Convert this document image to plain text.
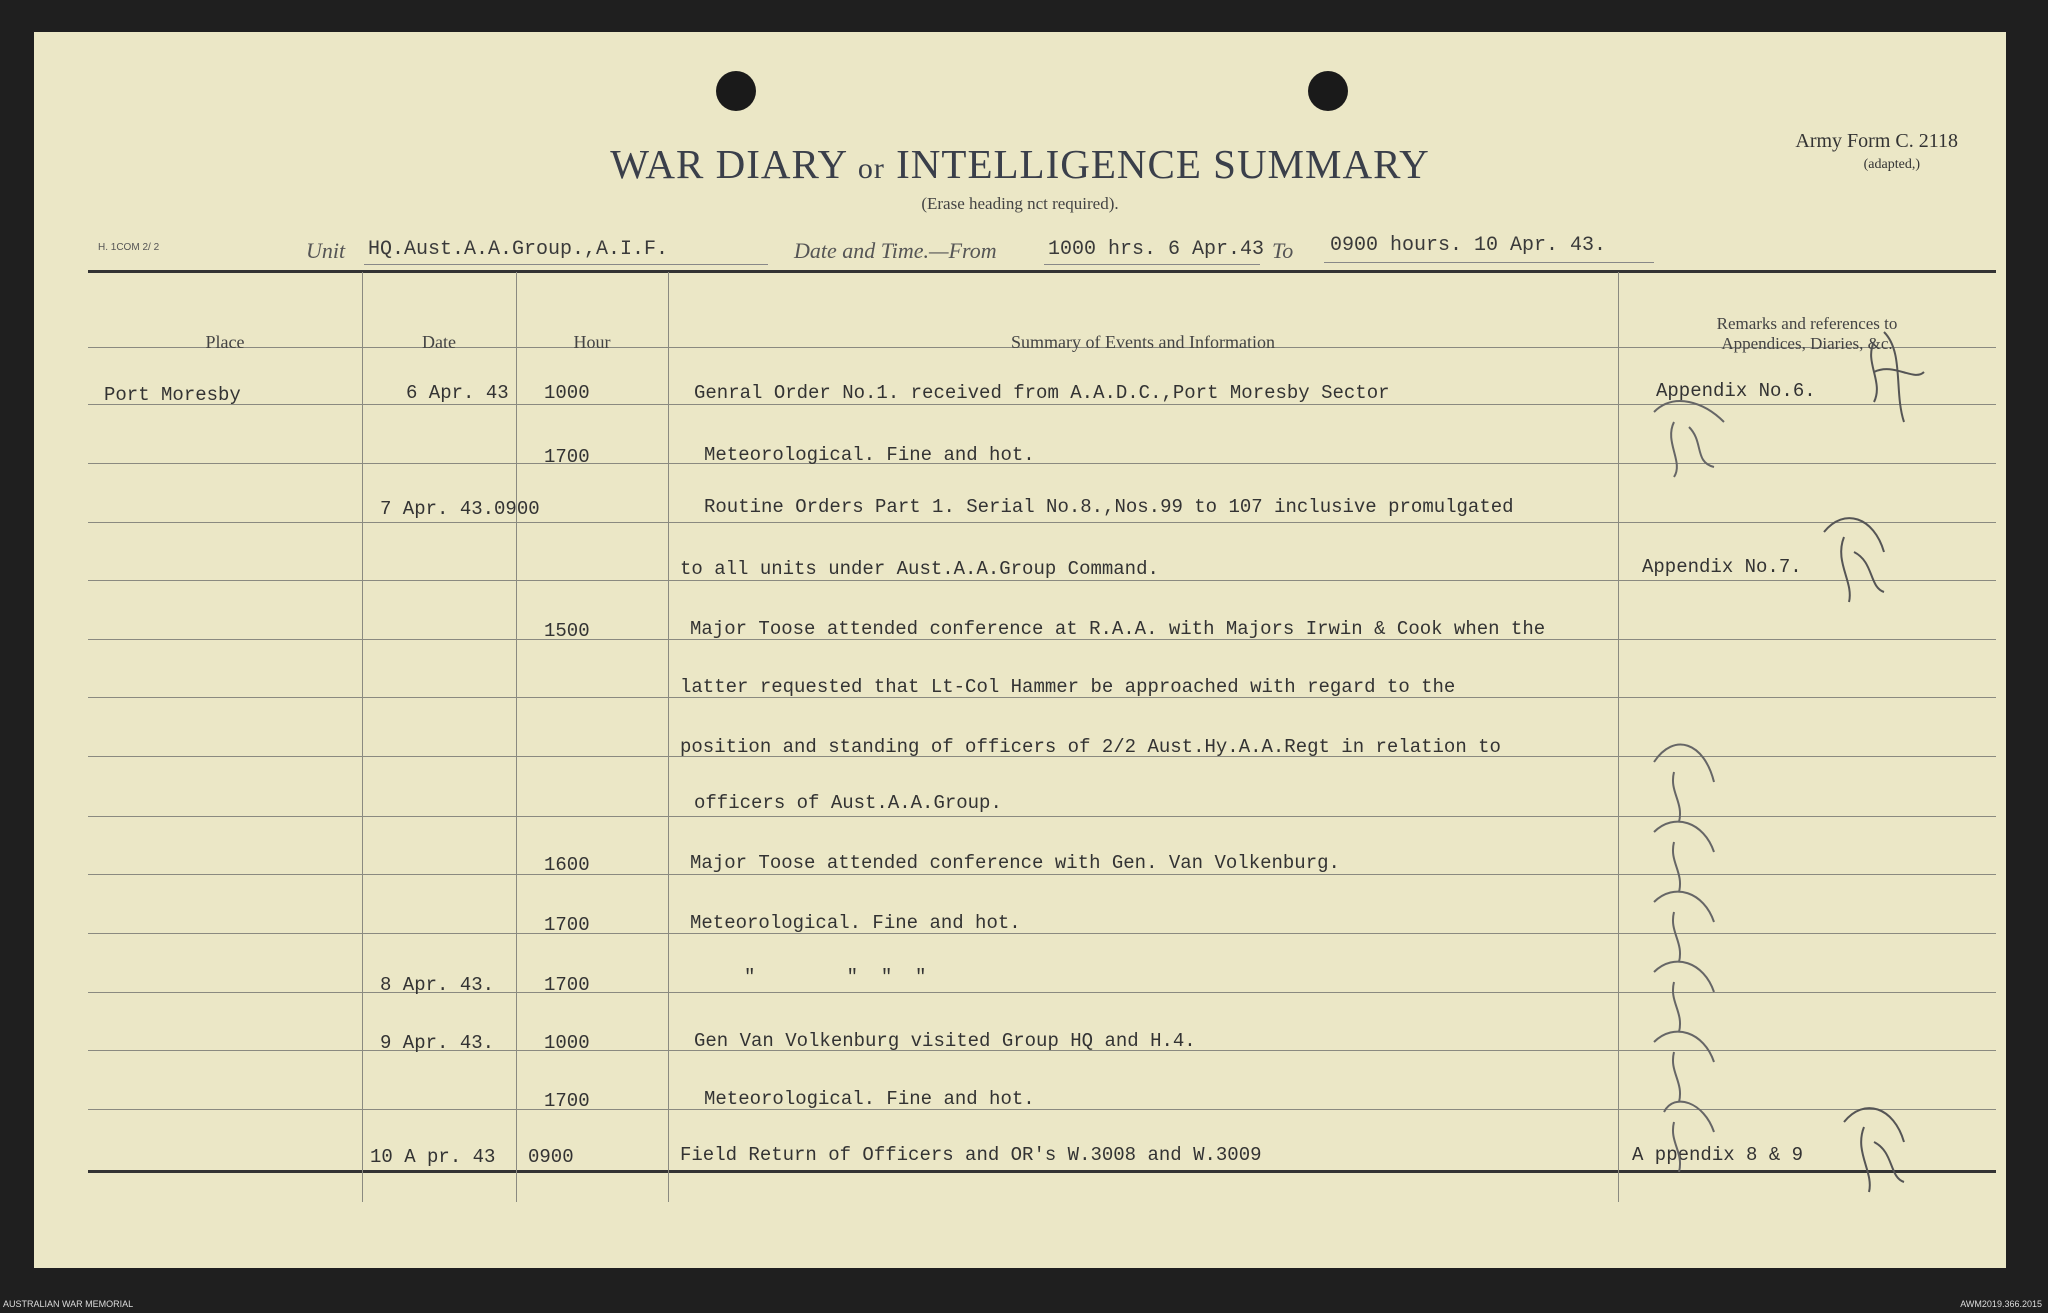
WAR DIARY or INTELLIGENCE SUMMARY
(Erase heading nct required).
Army Form C. 2118
(adapted,)
H. 1COM 2/ 2	Unit HQ.Aust.A.A.Group.,A.I.F.	Date and Time.—From	1000 hrs. 6 Apr.43 To 0900 hours. 10 Apr. 43.
Place	Date	Hour	Summary of Events and Information
Remarks and references to
Appendices, Diaries, &c.
Port Moresby	6 Apr. 43 1000	Genral Order No.1. received from A.A.D.C.,Port Moresby Sector	Appendix No.6.
1700	Meteorological. Fine and hot.
7 Apr. 43.0900	Routine Orders Part 1. Serial No.8.,Nos.99 to 107 inclusive promulgated
to all units under Aust.A.A.Group Command.	Appendix No.7.
1500	Major Toose attended conference at R.A.A. with Majors Irwin & Cook when the
latter requested that Lt-Col Hammer be approached with regard to the
position and standing of officers of 2/2 Aust.Hy.A.A.Regt in relation to
officers of Aust.A.A.Group.
1600	Major Toose attended conference with Gen. Van Volkenburg.
1700	Meteorological. Fine and hot.
8 Apr. 43.	1700	"        "  "  "
9 Apr. 43.	1000	Gen Van Volkenburg visited Group HQ and H.4.
1700	Meteorological. Fine and hot.
10 A pr. 43 0900	Field Return of Officers and OR's W.3008 and W.3009	A ppendix 8 & 9
AUSTRALIAN WAR MEMORIAL	AWM2019.366.2015
